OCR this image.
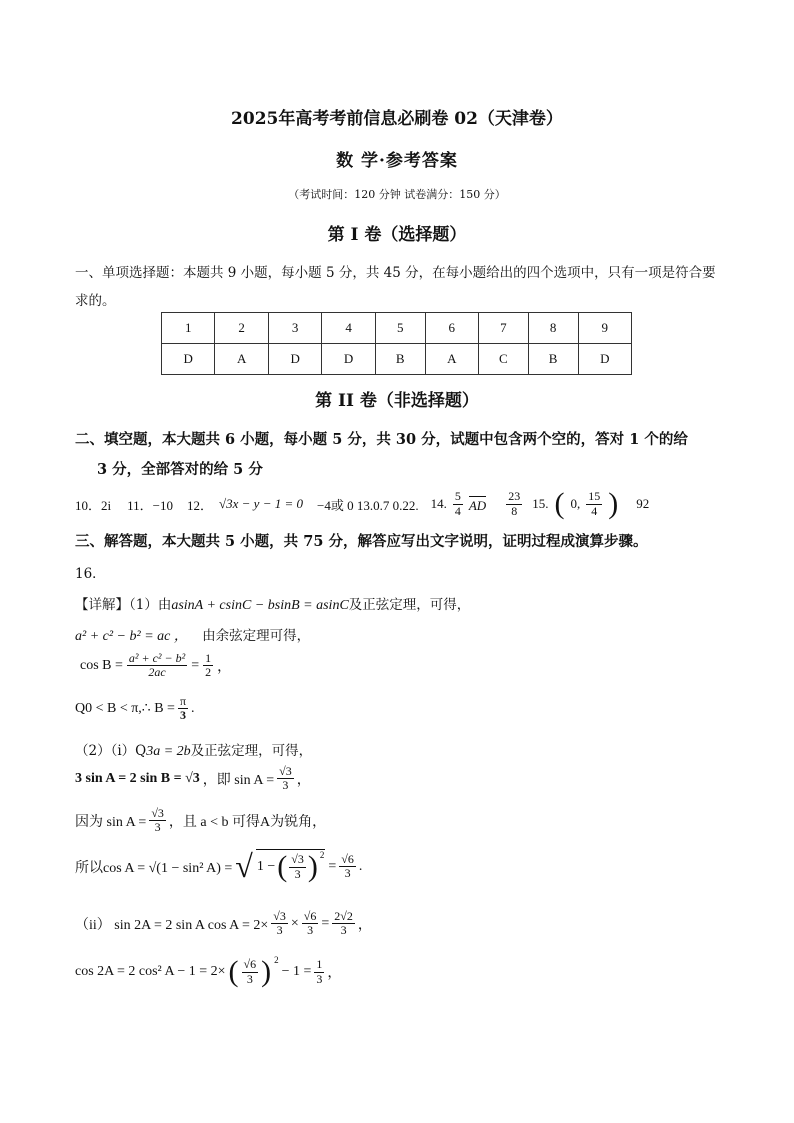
2025年高考考前信息必刷卷 02（天津卷）
数 学·参考答案
（考试时间：120 分钟 试卷满分：150 分）
第 I 卷（选择题）
一、单项选择题：本题共 9 小题，每小题 5 分，共 45 分，在每小题给出的四个选项中，只有一项是符合要
求的。
1	2	3	4	5	6	7	8	9
D	A	D	D	B	A	C	B	D
第 II 卷（非选择题）
二、填空题，本大题共 6 小题，每小题 5 分，共 30 分，试题中包含两个空的，答对 1 个的给
3 分，全部答对的给 5 分
10．2i 11．−10 12． √3x − y − 1 = 0 −4或 0 13.0.7 0.22. 14. $\frac{5}{4}$ AD $\frac{23}{8} 15$. ( 0, $\frac{15}{4}$ ) 92
三、解答题，本大题共 5 小题，共 75 分，解答应写出文字说明，证明过程成演算步骤。
16．
【详解】（1）由asinA + csinC − bsinB = asinC及正弦定理，可得，
a² + c² − b² = ac ， 由余弦定理可得，
$\cos B = \frac{\text{a² + c² − b²}}{2ac} = \frac{1}{2}$ ，
Q0 < B < π,∴ $B = \frac{\pi}{3}$ .
（2）（i）Q3a = 2b及正弦定理，可得，
3 sin A = 2 sin B = √3 ，即 $\sin A = \frac{√3}{3}$ ，
因为 $\sin A = \frac{√3}{3}$ ，且 a < b 可得A为锐角，
所以cos A = √(1 − sin² A) = √ 1 − ( $\frac{√3}{3} )^2$
= $\frac{√6}{3}$ .
（ii） sin 2A = 2 sin A $\cos A = 2\times \frac{√3}{3} \times \frac{√6}{3} = \frac{2√2}{3}$ ，
cos 2A = 2 cos² A − 1 = 2× ( $\frac{√6}{3}$ ) $^2$
− $1 = \frac{1}{3}$ ，
